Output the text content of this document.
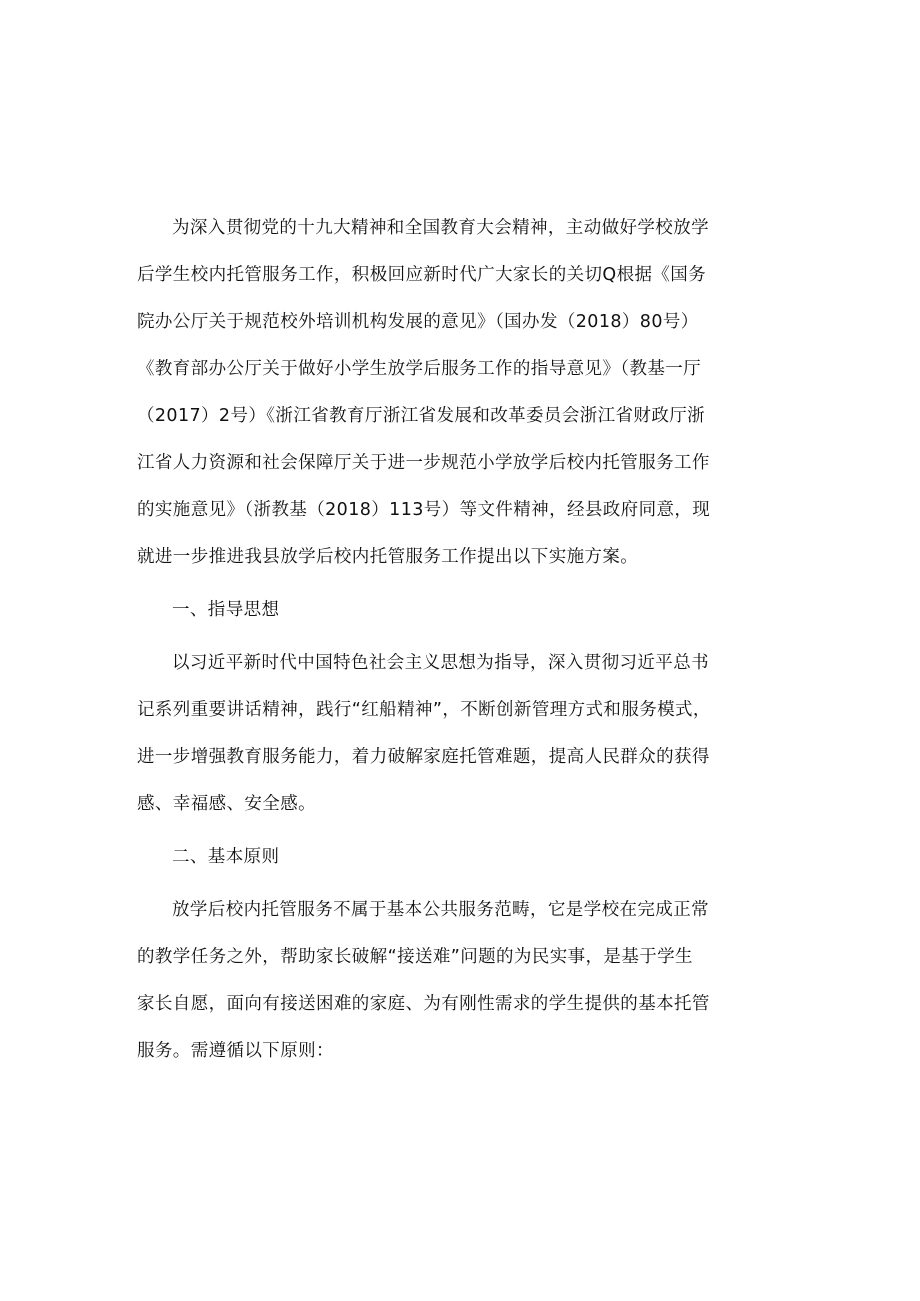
为深入贯彻党的十九大精神和全国教育大会精神，主动做好学校放学
后学生校内托管服务工作，积极回应新时代广大家长的关切Q根据《国务
院办公厅关于规范校外培训机构发展的意见》（国办发（2018）80号）
《教育部办公厅关于做好小学生放学后服务工作的指导意见》（教基一厅
（2017）2号）《浙江省教育厅浙江省发展和改革委员会浙江省财政厅浙
江省人力资源和社会保障厅关于进一步规范小学放学后校内托管服务工作
的实施意见》（浙教基（2018）113号）等文件精神，经县政府同意，现
就进一步推进我县放学后校内托管服务工作提出以下实施方案。
一、指导思想
以习近平新时代中国特色社会主义思想为指导，深入贯彻习近平总书
记系列重要讲话精神，践行“红船精神”，不断创新管理方式和服务模式，
进一步增强教育服务能力，着力破解家庭托管难题，提高人民群众的获得
感、幸福感、安全感。
二、基本原则
放学后校内托管服务不属于基本公共服务范畴，它是学校在完成正常
的教学任务之外，帮助家长破解“接送难”问题的为民实事，是基于学生
家长自愿，面向有接送困难的家庭、为有刚性需求的学生提供的基本托管
服务。需遵循以下原则：
